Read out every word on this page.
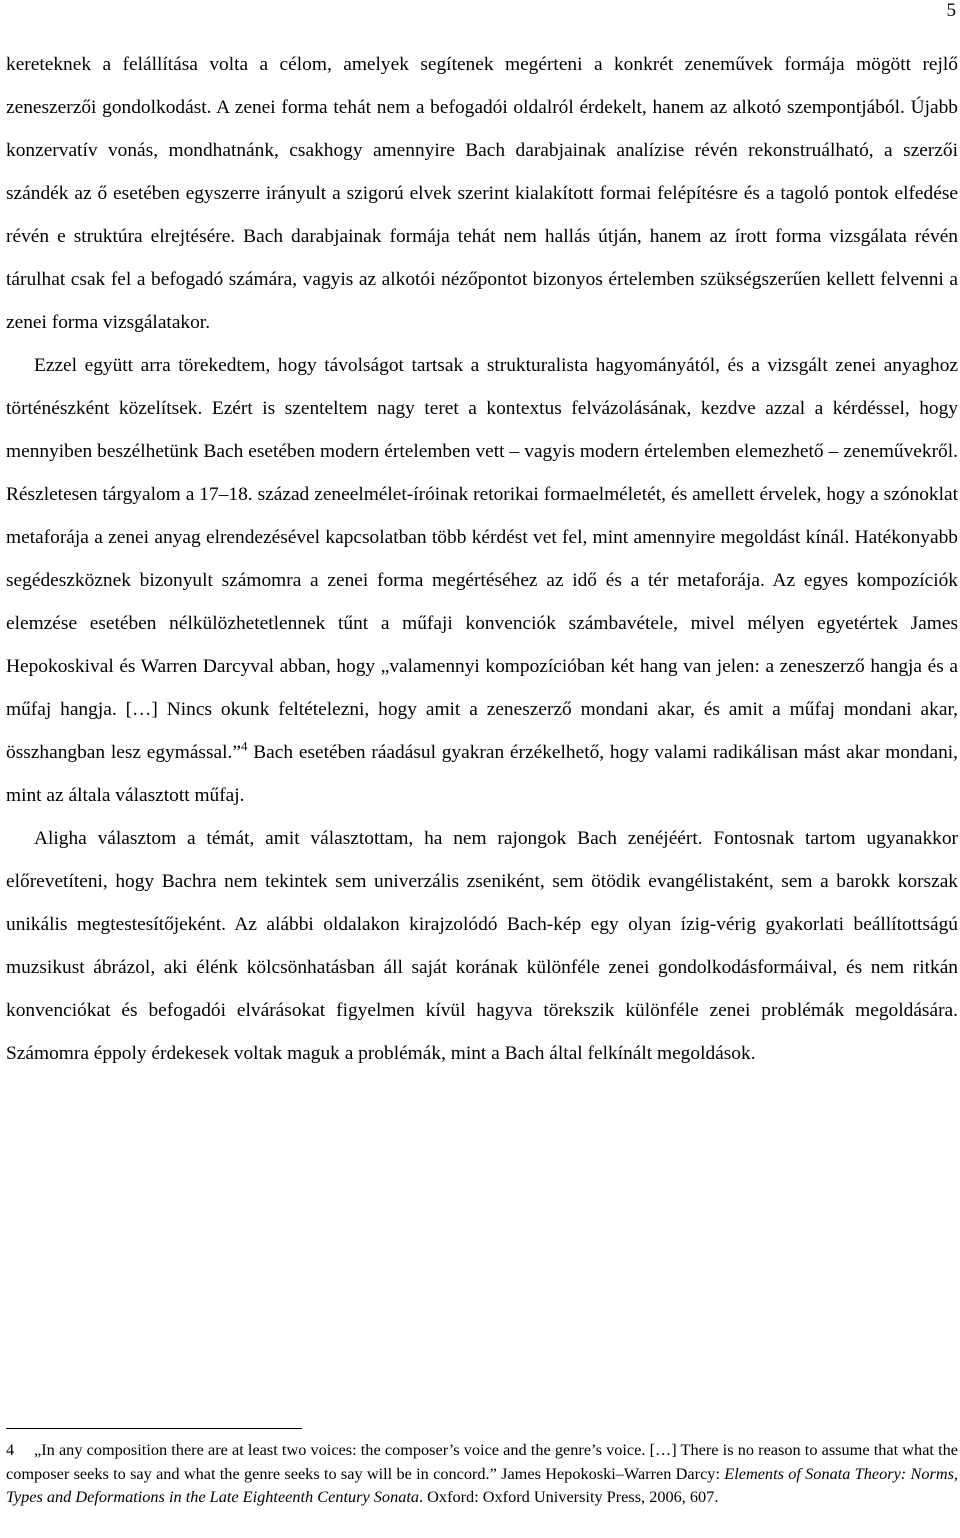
5

kereteknek a felállítása volta a célom, amelyek segítenek megérteni a konkrét zeneművek formája mögött rejlő zeneszerzői gondolkodást. A zenei forma tehát nem a befogadói oldalról érdekelt, hanem az alkotó szempontjából. Újabb konzervatív vonás, mondhatnánk, csakhogy amennyire Bach darabjainak analízise révén rekonstruálható, a szerzői szándék az ő esetében egyszerre irányult a szigorú elvek szerint kialakított formai felépítésre és a tagoló pontok elfedése révén e struktúra elrejtésére. Bach darabjainak formája tehát nem hallás útján, hanem az írott forma vizsgálata révén tárulhat csak fel a befogadó számára, vagyis az alkotói nézőpontot bizonyos értelemben szükségszerűen kellett felvenni a zenei forma vizsgálatakor.

Ezzel együtt arra törekedtem, hogy távolságot tartsak a strukturalista hagyományától, és a vizsgált zenei anyaghoz történészként közelítsek. Ezért is szenteltem nagy teret a kontextus felvázolásának, kezdve azzal a kérdéssel, hogy mennyiben beszélhetünk Bach esetében modern értelemben vett – vagyis modern értelemben elemezhető – zeneművekről. Részletesen tárgyalom a 17–18. század zeneelmélet-íróinak retorikai formaelméletét, és amellett érvelek, hogy a szónoklat metaforája a zenei anyag elrendezésével kapcsolatban több kérdést vet fel, mint amennyire megoldást kínál. Hatékonyabb segédeszköznek bizonyult számomra a zenei forma megértéséhez az idő és a tér metaforája. Az egyes kompozíciók elemzése esetében nélkülözhetetlennek tűnt a műfaji konvenciók számbavétele, mivel mélyen egyetértek James Hepokoskival és Warren Darcyval abban, hogy „valamennyi kompozícióban két hang van jelen: a zeneszerző hangja és a műfaj hangja. […] Nincs okunk feltételezni, hogy amit a zeneszerző mondani akar, és amit a műfaj mondani akar, összhangban lesz egymással.”$^4$ Bach esetében ráadásul gyakran érzékelhető, hogy valami radikálisan mást akar mondani, mint az általa választott műfaj.

Aligha választom a témát, amit választottam, ha nem rajongok Bach zenéjéért. Fontosnak tartom ugyanakkor előrevetíteni, hogy Bachra nem tekintek sem univerzális zseniként, sem ötödik evangélistaként, sem a barokk korszak unikális megtestesítőjeként. Az alábbi oldalakon kirajzolódó Bach-kép egy olyan ízig-vérig gyakorlati beállítottságú muzsikust ábrázol, aki élénk kölcsönhatásban áll saját korának különféle zenei gondolkodásformáival, és nem ritkán konvenciókat és befogadói elvárásokat figyelmen kívül hagyva törekszik különféle zenei problémák megoldására. Számomra éppoly érdekesek voltak maguk a problémák, mint a Bach által felkínált megoldások.

4 „In any composition there are at least two voices: the composer’s voice and the genre’s voice. […] There is no reason to assume that what the composer seeks to say and what the genre seeks to say will be in concord.” James Hepokoski–Warren Darcy: Elements of Sonata Theory: Norms, Types and Deformations in the Late Eighteenth Century Sonata. Oxford: Oxford University Press, 2006, 607.
